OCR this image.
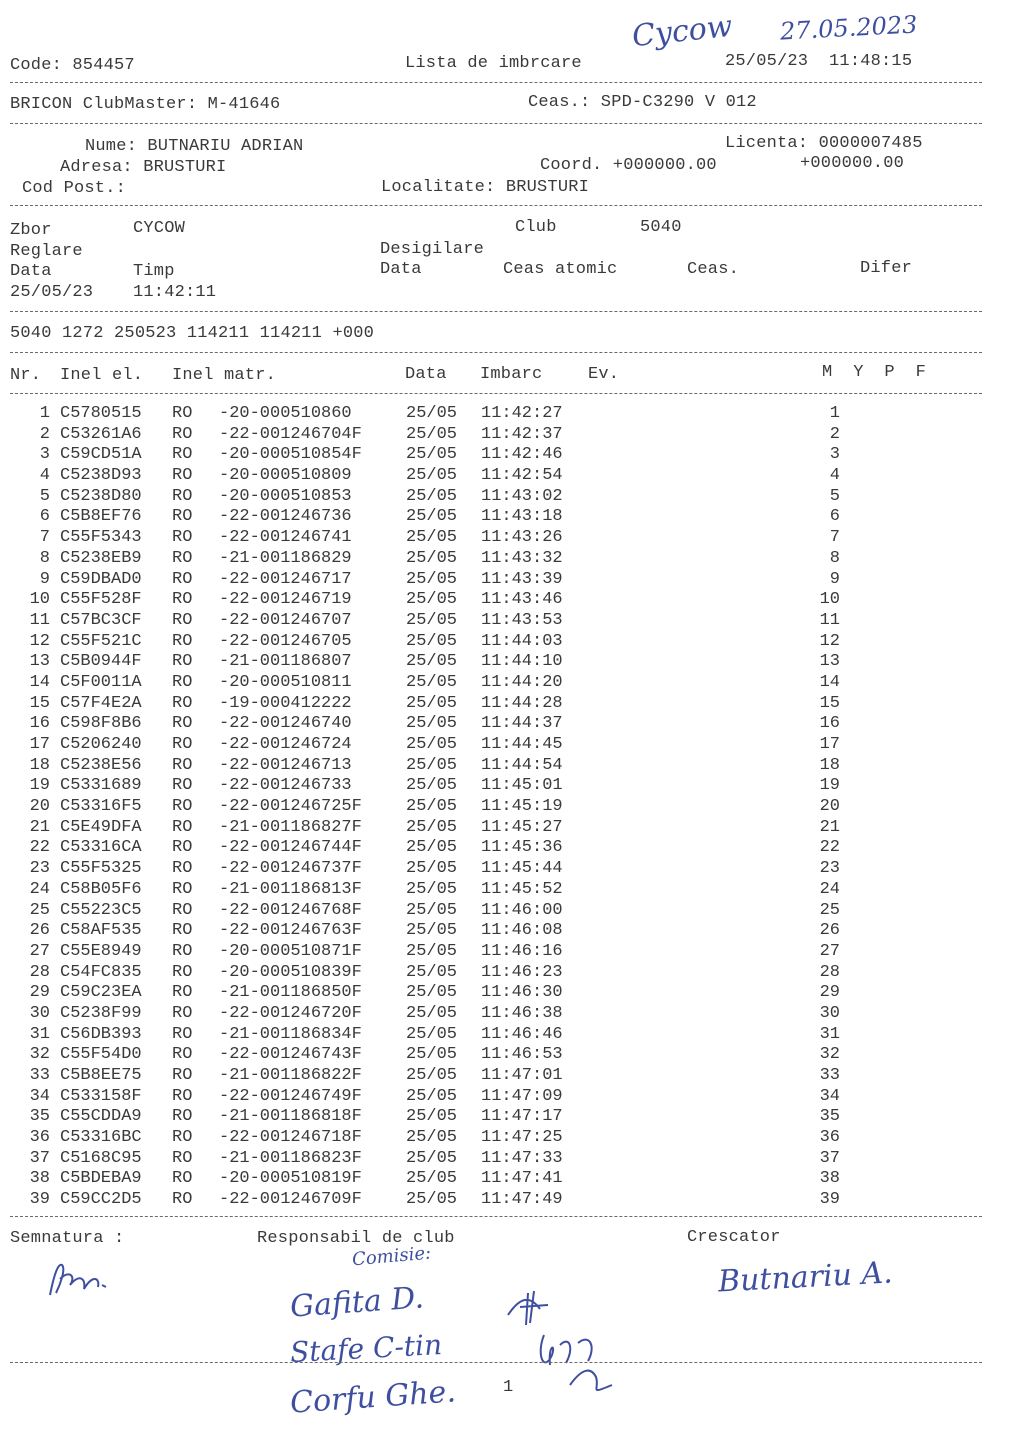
Code: 854457	Lista de imbrcare	25/05/23  11:48:15
Cycow 27.05.2023
BRICON ClubMaster: M-41646	Ceas.: SPD-C3290 V 012
Nume: BUTNARIU ADRIAN	Licenta: 0000007485
Adresa: BRUSTURI	Coord. +000000.00	+000000.00
Cod Post.:	Localitate: BRUSTURI
Zbor	CYCOW	Club	5040
Reglare	Desigilare
Data	Timp	Data	Ceas atomic	Ceas.	Difer
25/05/23 11:42:11
5040 1272 250523 114211 114211 +000
Nr. Inel el. Inel matr.	Data Imbarc	Ev.	M  Y  P  F
1 C5780515 RO -20-000510860	25/05 11:42:27	1
2 C53261A6 RO -22-001246704F	25/05 11:42:37	2
3 C59CD51A RO -20-000510854F	25/05 11:42:46	3
4 C5238D93 RO -20-000510809	25/05 11:42:54	4
5 C5238D80 RO -20-000510853	25/05 11:43:02	5
6 C5B8EF76 RO -22-001246736	25/05 11:43:18	6
7 C55F5343 RO -22-001246741	25/05 11:43:26	7
8 C5238EB9 RO -21-001186829	25/05 11:43:32	8
9 C59DBAD0 RO -22-001246717	25/05 11:43:39	9
10 C55F528F RO -22-001246719	25/05 11:43:46	10
11 C57BC3CF RO -22-001246707	25/05 11:43:53	11
12 C55F521C RO -22-001246705	25/05 11:44:03	12
13 C5B0944F RO -21-001186807	25/05 11:44:10	13
14 C5F0011A RO -20-000510811	25/05 11:44:20	14
15 C57F4E2A RO -19-000412222	25/05 11:44:28	15
16 C598F8B6 RO -22-001246740	25/05 11:44:37	16
17 C5206240 RO -22-001246724	25/05 11:44:45	17
18 C5238E56 RO -22-001246713	25/05 11:44:54	18
19 C5331689 RO -22-001246733	25/05 11:45:01	19
20 C53316F5 RO -22-001246725F	25/05 11:45:19	20
21 C5E49DFA RO -21-001186827F	25/05 11:45:27	21
22 C53316CA RO -22-001246744F	25/05 11:45:36	22
23 C55F5325 RO -22-001246737F	25/05 11:45:44	23
24 C58B05F6 RO -21-001186813F	25/05 11:45:52	24
25 C55223C5 RO -22-001246768F	25/05 11:46:00	25
26 C58AF535 RO -22-001246763F	25/05 11:46:08	26
27 C55E8949 RO -20-000510871F	25/05 11:46:16	27
28 C54FC835 RO -20-000510839F	25/05 11:46:23	28
29 C59C23EA RO -21-001186850F	25/05 11:46:30	29
30 C5238F99 RO -22-001246720F	25/05 11:46:38	30
31 C56DB393 RO -21-001186834F	25/05 11:46:46	31
32 C55F54D0 RO -22-001246743F	25/05 11:46:53	32
33 C5B8EE75 RO -21-001186822F	25/05 11:47:01	33
34 C533158F RO -22-001246749F	25/05 11:47:09	34
35 C55CDDA9 RO -21-001186818F	25/05 11:47:17	35
36 C53316BC RO -22-001246718F	25/05 11:47:25	36
37 C5168C95 RO -21-001186823F	25/05 11:47:33	37
38 C5BDEBA9 RO -20-000510819F	25/05 11:47:41	38
39 C59CC2D5 RO -22-001246709F	25/05 11:47:49	39
Semnatura :	Responsabil de club	Crescator
Comisie:
Gafita D.
Stafe C-tin
Corfu Ghe.
Butnariu A.
1
